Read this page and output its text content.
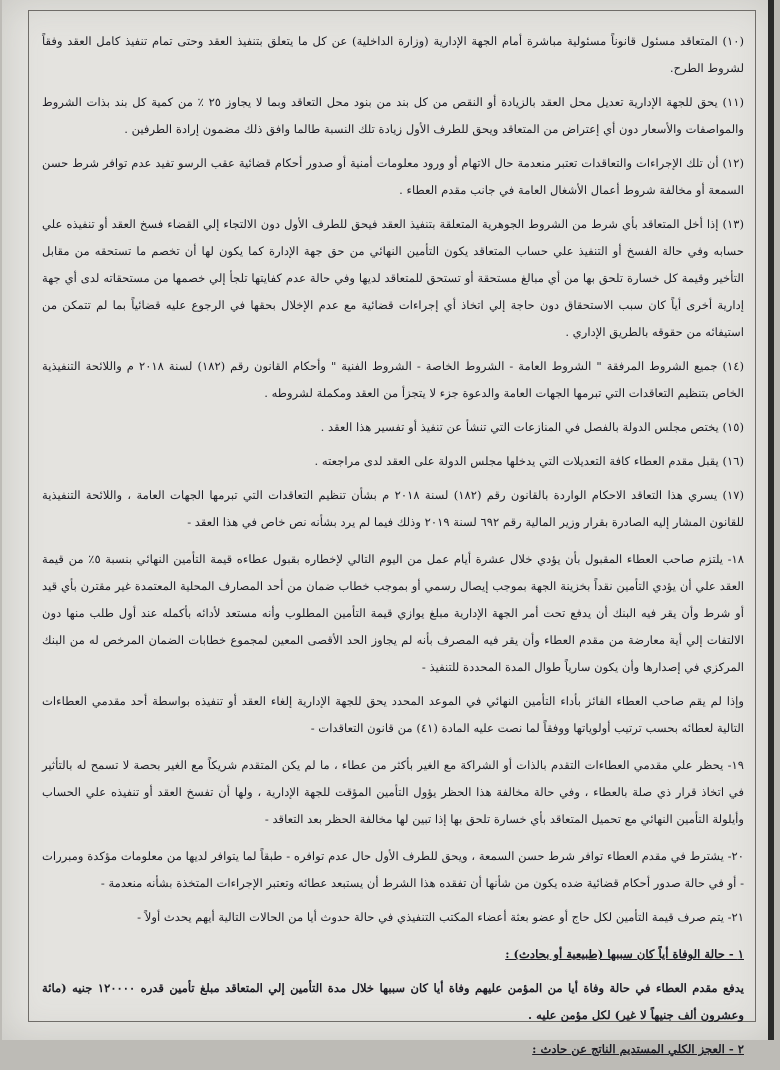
(١٠) المتعاقد مسئول قانوناً مسئولية مباشرة أمام الجهة الإدارية (وزارة الداخلية) عن كل ما يتعلق بتنفيذ العقد وحتى تمام تنفيذ كامل العقد وفقاً لشروط الطرح.

(١١) يحق للجهة الإدارية تعديل محل العقد بالزيادة أو النقص من كل بند من بنود محل التعاقد وبما لا يجاوز ٢٥ ٪ من كمية كل بند بذات الشروط والمواصفات والأسعار دون أي إعتراض من المتعاقد ويحق للطرف الأول زيادة تلك النسبة طالما وافق ذلك مضمون إرادة الطرفين .

(١٢) أن تلك الإجراءات والتعاقدات تعتبر منعدمة حال الاتهام أو ورود معلومات أمنية أو صدور أحكام قضائية عقب الرسو تفيد عدم توافر شرط حسن السمعة أو مخالفة شروط أعمال الأشغال العامة في جانب مقدم العطاء .

(١٣) إذا أخل المتعاقد بأي شرط من الشروط الجوهرية المتعلقة بتنفيذ العقد فيحق للطرف الأول دون الالتجاء إلي القضاء فسخ العقد أو تنفيذه علي حسابه وفي حالة الفسخ أو التنفيذ علي حساب المتعاقد يكون التأمين النهائي من حق جهة الإدارة كما يكون لها أن تخصم ما تستحقه من مقابل التأخير وقيمة كل خسارة تلحق بها من أي مبالغ مستحقة أو تستحق للمتعاقد لديها وفي حالة عدم كفايتها تلجأ إلي خصمها من مستحقاته لدى أي جهة إدارية أخرى أياً كان سبب الاستحقاق دون حاجة إلي اتخاذ أي إجراءات قضائية مع عدم الإخلال بحقها في الرجوع عليه قضائياً بما لم تتمكن من استيفائه من حقوقه بالطريق الإداري .

(١٤) جميع الشروط المرفقة " الشروط العامة - الشروط الخاصة - الشروط الفنية " وأحكام القانون رقم (١٨٢) لسنة ٢٠١٨ م واللائحة التنفيذية الخاص بتنظيم التعاقدات التي تبرمها الجهات العامة والدعوة جزء لا يتجزأ من العقد ومكملة لشروطه .

(١٥) يختص مجلس الدولة بالفصل في المنازعات التي تنشأ عن تنفيذ أو تفسير هذا العقد .

(١٦) يقبل مقدم العطاء كافة التعديلات التي يدخلها مجلس الدولة على العقد لدى مراجعته .

(١٧) يسري هذا التعاقد الاحكام الواردة بالقانون رقم (١٨٢) لسنة ٢٠١٨ م بشأن تنظيم التعاقدات التي تبرمها الجهات العامة ، واللائحة التنفيذية للقانون المشار إليه الصادرة بقرار وزير المالية رقم ٦٩٢ لسنة ٢٠١٩ وذلك فيما لم يرد بشأنه نص خاص في هذا العقد -

١٨- يلتزم صاحب العطاء المقبول بأن يؤدي خلال عشرة أيام عمل من اليوم التالي لإخطاره بقبول عطاءه قيمة التأمين النهائي بنسبة ٥٪ من قيمة العقد علي أن يؤدي التأمين نقداً بخزينة الجهة بموجب إيصال رسمي أو بموجب خطاب ضمان من أحد المصارف المحلية المعتمدة غير مقترن بأي قيد أو شرط وأن يقر فيه البنك أن يدفع تحت أمر الجهة الإدارية مبلغ يوازي قيمة التأمين المطلوب وأنه مستعد لأدائه بأكمله عند أول طلب منها دون الالتفات إلي أية معارضة من مقدم العطاء وأن يقر فيه المصرف بأنه لم يجاوز الحد الأقصى المعين لمجموع خطابات الضمان المرخص له من البنك المركزي في إصدارها وأن يكون سارياً طوال المدة المحددة للتنفيذ -

وإذا لم يقم صاحب العطاء الفائز بأداء التأمين النهائي في الموعد المحدد يحق للجهة الإدارية إلغاء العقد أو تنفيذه بواسطة أحد مقدمي العطاءات التالية لعطائه بحسب ترتيب أولوياتها ووفقاً لما نصت عليه المادة (٤١) من قانون التعاقدات -

١٩- يحظر علي مقدمي العطاءات التقدم بالذات أو الشراكة مع الغير بأكثر من عطاء ، ما لم يكن المتقدم شريكاً مع الغير بحصة لا تسمح له بالتأثير في اتخاذ قرار ذي صلة بالعطاء ، وفي حالة مخالفة هذا الحظر يؤول التأمين المؤقت للجهة الإدارية ، ولها أن تفسخ العقد أو تنفيذه علي الحساب وأيلولة التأمين النهائي مع تحميل المتعاقد بأي خسارة تلحق بها إذا تبين لها مخالفة الحظر بعد التعاقد -

٢٠- يشترط في مقدم العطاء توافر شرط حسن السمعة ، ويحق للطرف الأول حال عدم توافره - طبقاً لما يتوافر لديها من معلومات مؤكدة ومبررات - أو في حالة صدور أحكام قضائية ضده يكون من شأنها أن تفقده هذا الشرط أن يستبعد عطائه وتعتبر الإجراءات المتخذة بشأنه منعدمة -

٢١- يتم صرف قيمة التأمين لكل حاج أو عضو بعثة أعضاء المكتب التنفيذي في حالة حدوث أيا من الحالات التالية أيهم يحدث أولاً -

١ - حالة الوفاة أياً كان سببها (طبيعية أو بحادث) :

يدفع مقدم العطاء في حالة وفاة أيا من المؤمن عليهم وفاة أيا كان سببها خلال مدة التأمين إلي المتعاقد مبلغ تأمين قدره ١٢٠٠٠٠ جنيه (مائة وعشرون ألف جنيهاً لا غير) لكل مؤمن عليه .

٢ - العجز الكلي المستديم الناتج عن حادث :
